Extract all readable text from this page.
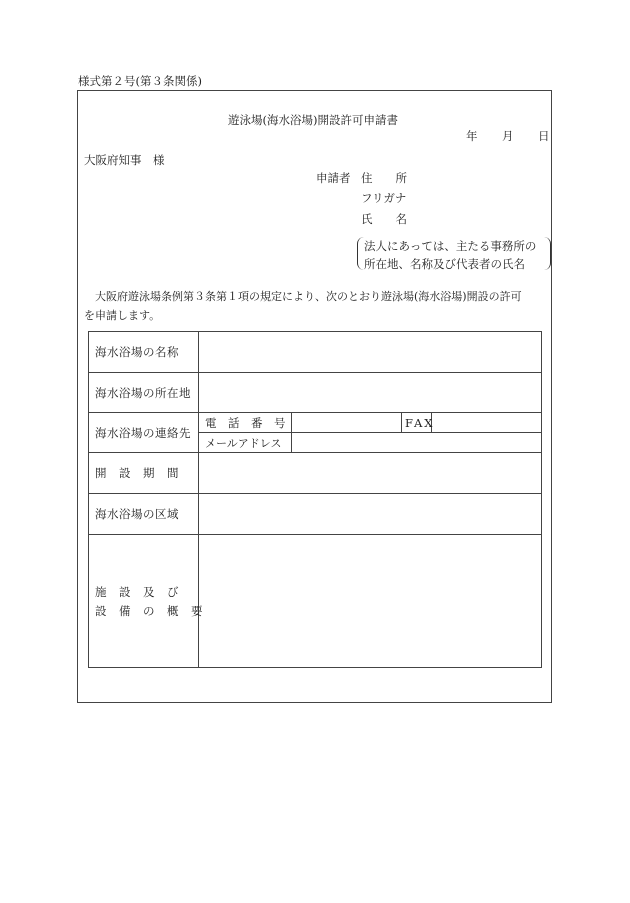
様式第２号(第３条関係)
遊泳場(海水浴場)開設許可申請書
年 月 日
大阪府知事　様
申請者 住　　所
フリガナ
氏　　名
法人にあっては、主たる事務所の
所在地、名称及び代表者の氏名
大阪府遊泳場条例第３条第１項の規定により、次のとおり遊泳場(海水浴場)開設の許可
を申請します。
海水浴場の名称				
海水浴場の所在地				
海水浴場の連絡先	電　話　番　号		FAX	
	メールアドレス			
開　設　期　間				
海水浴場の区域				

施　設　及　び
設　備　の　概　要				
